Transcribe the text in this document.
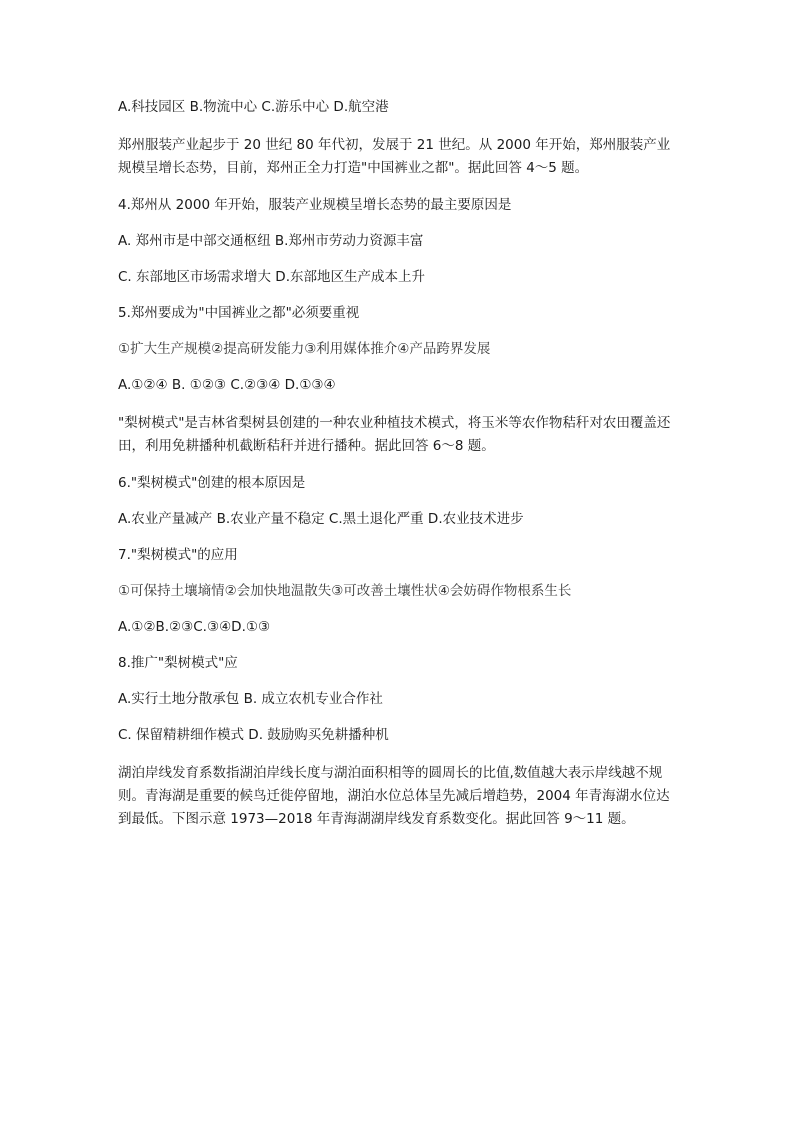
A.科技园区 B.物流中心 C.游乐中心 D.航空港

郑州服装产业起步于 20 世纪 80 年代初，发展于 21 世纪。从 2000 年开始，郑州服装产业规模呈增长态势，目前，郑州正全力打造"中国裤业之都"。据此回答 4～5 题。

4.郑州从 2000 年开始，服装产业规模呈增长态势的最主要原因是

A. 郑州市是中部交通枢纽 B.郑州市劳动力资源丰富

C. 东部地区市场需求增大 D.东部地区生产成本上升

5.郑州要成为"中国裤业之都"必须要重视

①扩大生产规模②提高研发能力③利用媒体推介④产品跨界发展

A.①②④ B. ①②③ C.②③④ D.①③④

"梨树模式"是吉林省梨树县创建的一种农业种植技术模式，将玉米等农作物秸秆对农田覆盖还田，利用免耕播种机截断秸秆并进行播种。据此回答 6～8 题。

6."梨树模式"创建的根本原因是

A.农业产量减产 B.农业产量不稳定 C.黑土退化严重 D.农业技术进步

7."梨树模式"的应用

①可保持土壤墒情②会加快地温散失③可改善土壤性状④会妨碍作物根系生长

A.①②B.②③C.③④D.①③

8.推广"梨树模式"应

A.实行土地分散承包 B. 成立农机专业合作社

C. 保留精耕细作模式 D. 鼓励购买免耕播种机

湖泊岸线发育系数指湖泊岸线长度与湖泊面积相等的圆周长的比值,数值越大表示岸线越不规则。青海湖是重要的候鸟迁徙停留地，湖泊水位总体呈先减后增趋势，2004 年青海湖水位达到最低。下图示意 1973—2018 年青海湖湖岸线发育系数变化。据此回答 9～11 题。
